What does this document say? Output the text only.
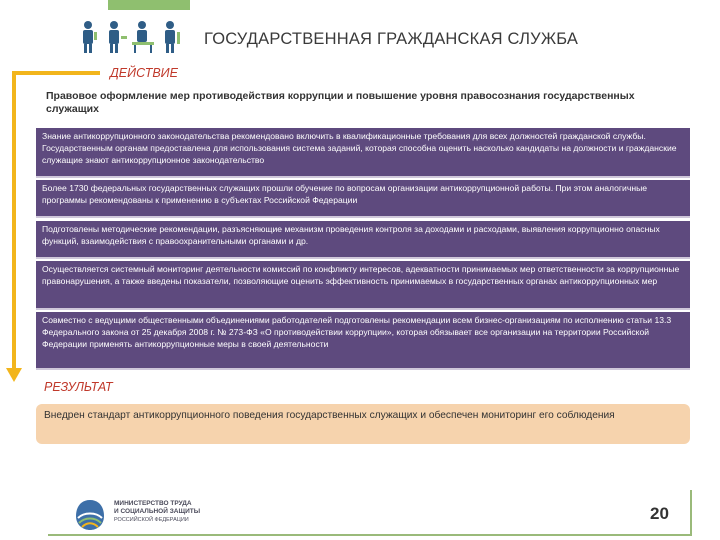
ГОСУДАРСТВЕННАЯ ГРАЖДАНСКАЯ СЛУЖБА
ДЕЙСТВИЕ
Правовое оформление мер противодействия коррупции и повышение уровня правосознания государственных служащих
Знание антикоррупционного законодательства рекомендовано включить в квалификационные требования для всех должностей гражданской службы. Государственным органам предоставлена для использования система заданий, которая способна оценить насколько кандидаты на должности и гражданские служащие знают антикоррупционное законодательство
Более 1730 федеральных государственных служащих прошли обучение по вопросам организации антикоррупционной работы. При этом аналогичные программы рекомендованы к применению в субъектах Российской Федерации
Подготовлены методические рекомендации, разъясняющие механизм проведения контроля за доходами и расходами, выявления коррупционно опасных функций, взаимодействия с правоохранительными органами и др.
Осуществляется системный мониторинг деятельности комиссий по конфликту интересов, адекватности принимаемых мер ответственности за коррупционные правонарушения, а также введены показатели, позволяющие оценить эффективность принимаемых в государственных органах антикоррупционных мер
Совместно с ведущими общественными объединениями работодателей подготовлены рекомендации всем бизнес-организациям по исполнению статьи 13.3 Федерального закона от 25 декабря 2008 г. № 273-ФЗ «О противодействии коррупции», которая обязывает все организации на территории Российской Федерации применять антикоррупционные меры в своей деятельности
РЕЗУЛЬТАТ
Внедрен стандарт антикоррупционного поведения государственных служащих и обеспечен мониторинг его соблюдения
МИНИСТЕРСТВО ТРУДА
И СОЦИАЛЬНОЙ ЗАЩИТЫ
РОССИЙСКОЙ ФЕДЕРАЦИИ	20
